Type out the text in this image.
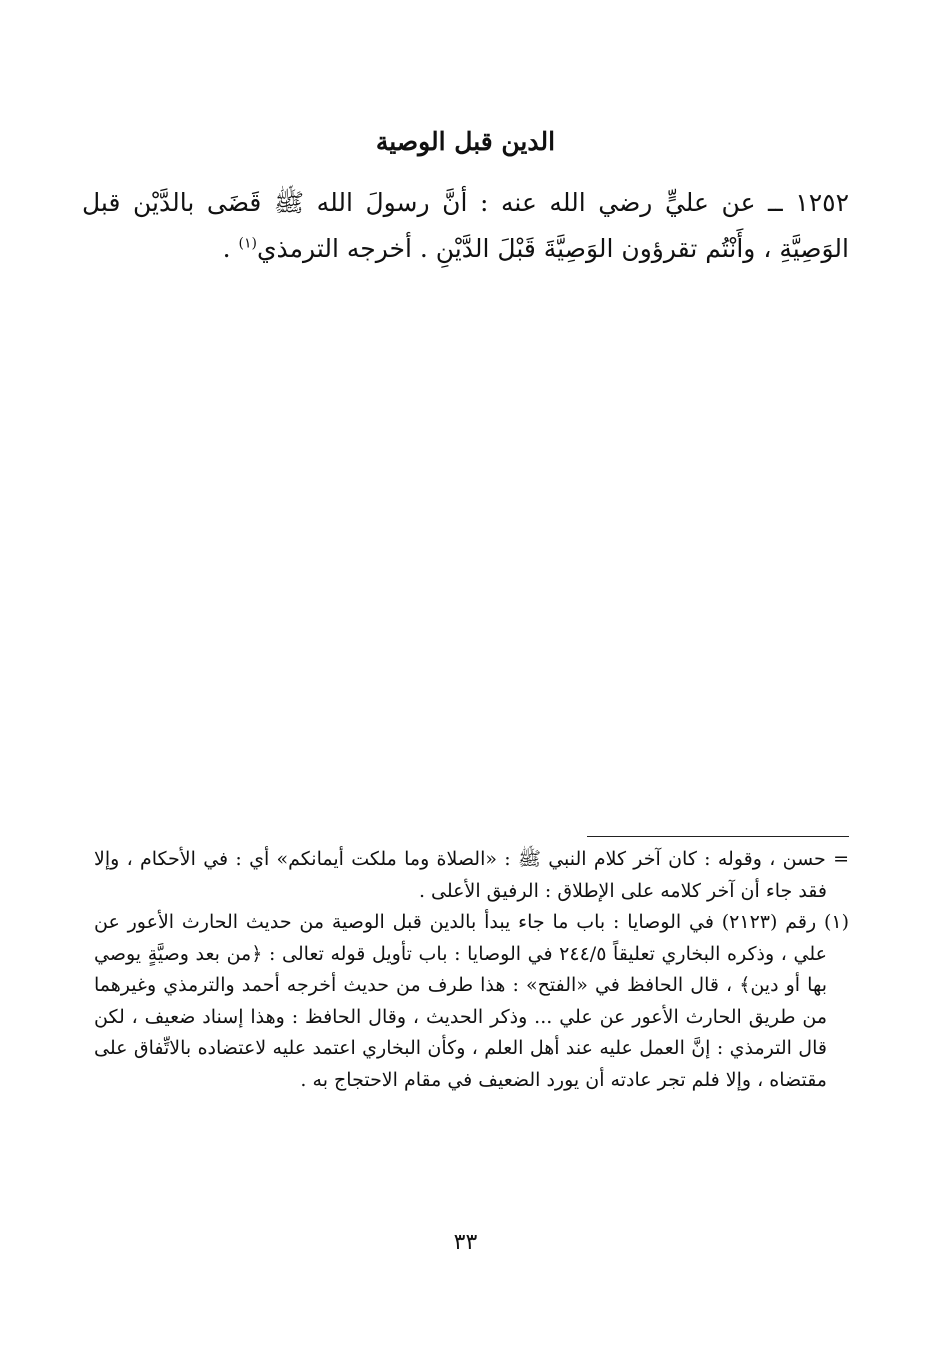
الدين قبل الوصية

١٢٥٢ ــ عن عليٍّ رضي الله عنه : أنَّ رسولَ الله ﷺ قَضَى بالدَّيْن قبل الوَصِيَّةِ ، وأَنْتُم تقرؤون الوَصِيَّةَ قَبْلَ الدَّيْنِ . أخرجه الترمذي$^{(١)}$ .

= حسن ، وقوله : كان آخر كلام النبي ﷺ : «الصلاة وما ملكت أيمانكم» أي : في الأحكام ، وإلا فقد جاء أن آخر كلامه على الإطلاق : الرفيق الأعلى .

(١) رقم (٢١٢٣) في الوصايا : باب ما جاء يبدأ بالدين قبل الوصية من حديث الحارث الأعور عن علي ، وذكره البخاري تعليقاً ٢٤٤/٥ في الوصايا : باب تأويل قوله تعالى : ﴿من بعد وصيَّةٍ يوصي بها أو دين﴾ ، قال الحافظ في «الفتح» : هذا طرف من حديث أخرجه أحمد والترمذي وغيرهما من طريق الحارث الأعور عن علي ... وذكر الحديث ، وقال الحافظ : وهذا إسناد ضعيف ، لكن قال الترمذي : إنَّ العمل عليه عند أهل العلم ، وكأن البخاري اعتمد عليه لاعتضاده بالاتِّفاق على مقتضاه ، وإلا فلم تجر عادته أن يورد الضعيف في مقام الاحتجاج به .

٣٣
